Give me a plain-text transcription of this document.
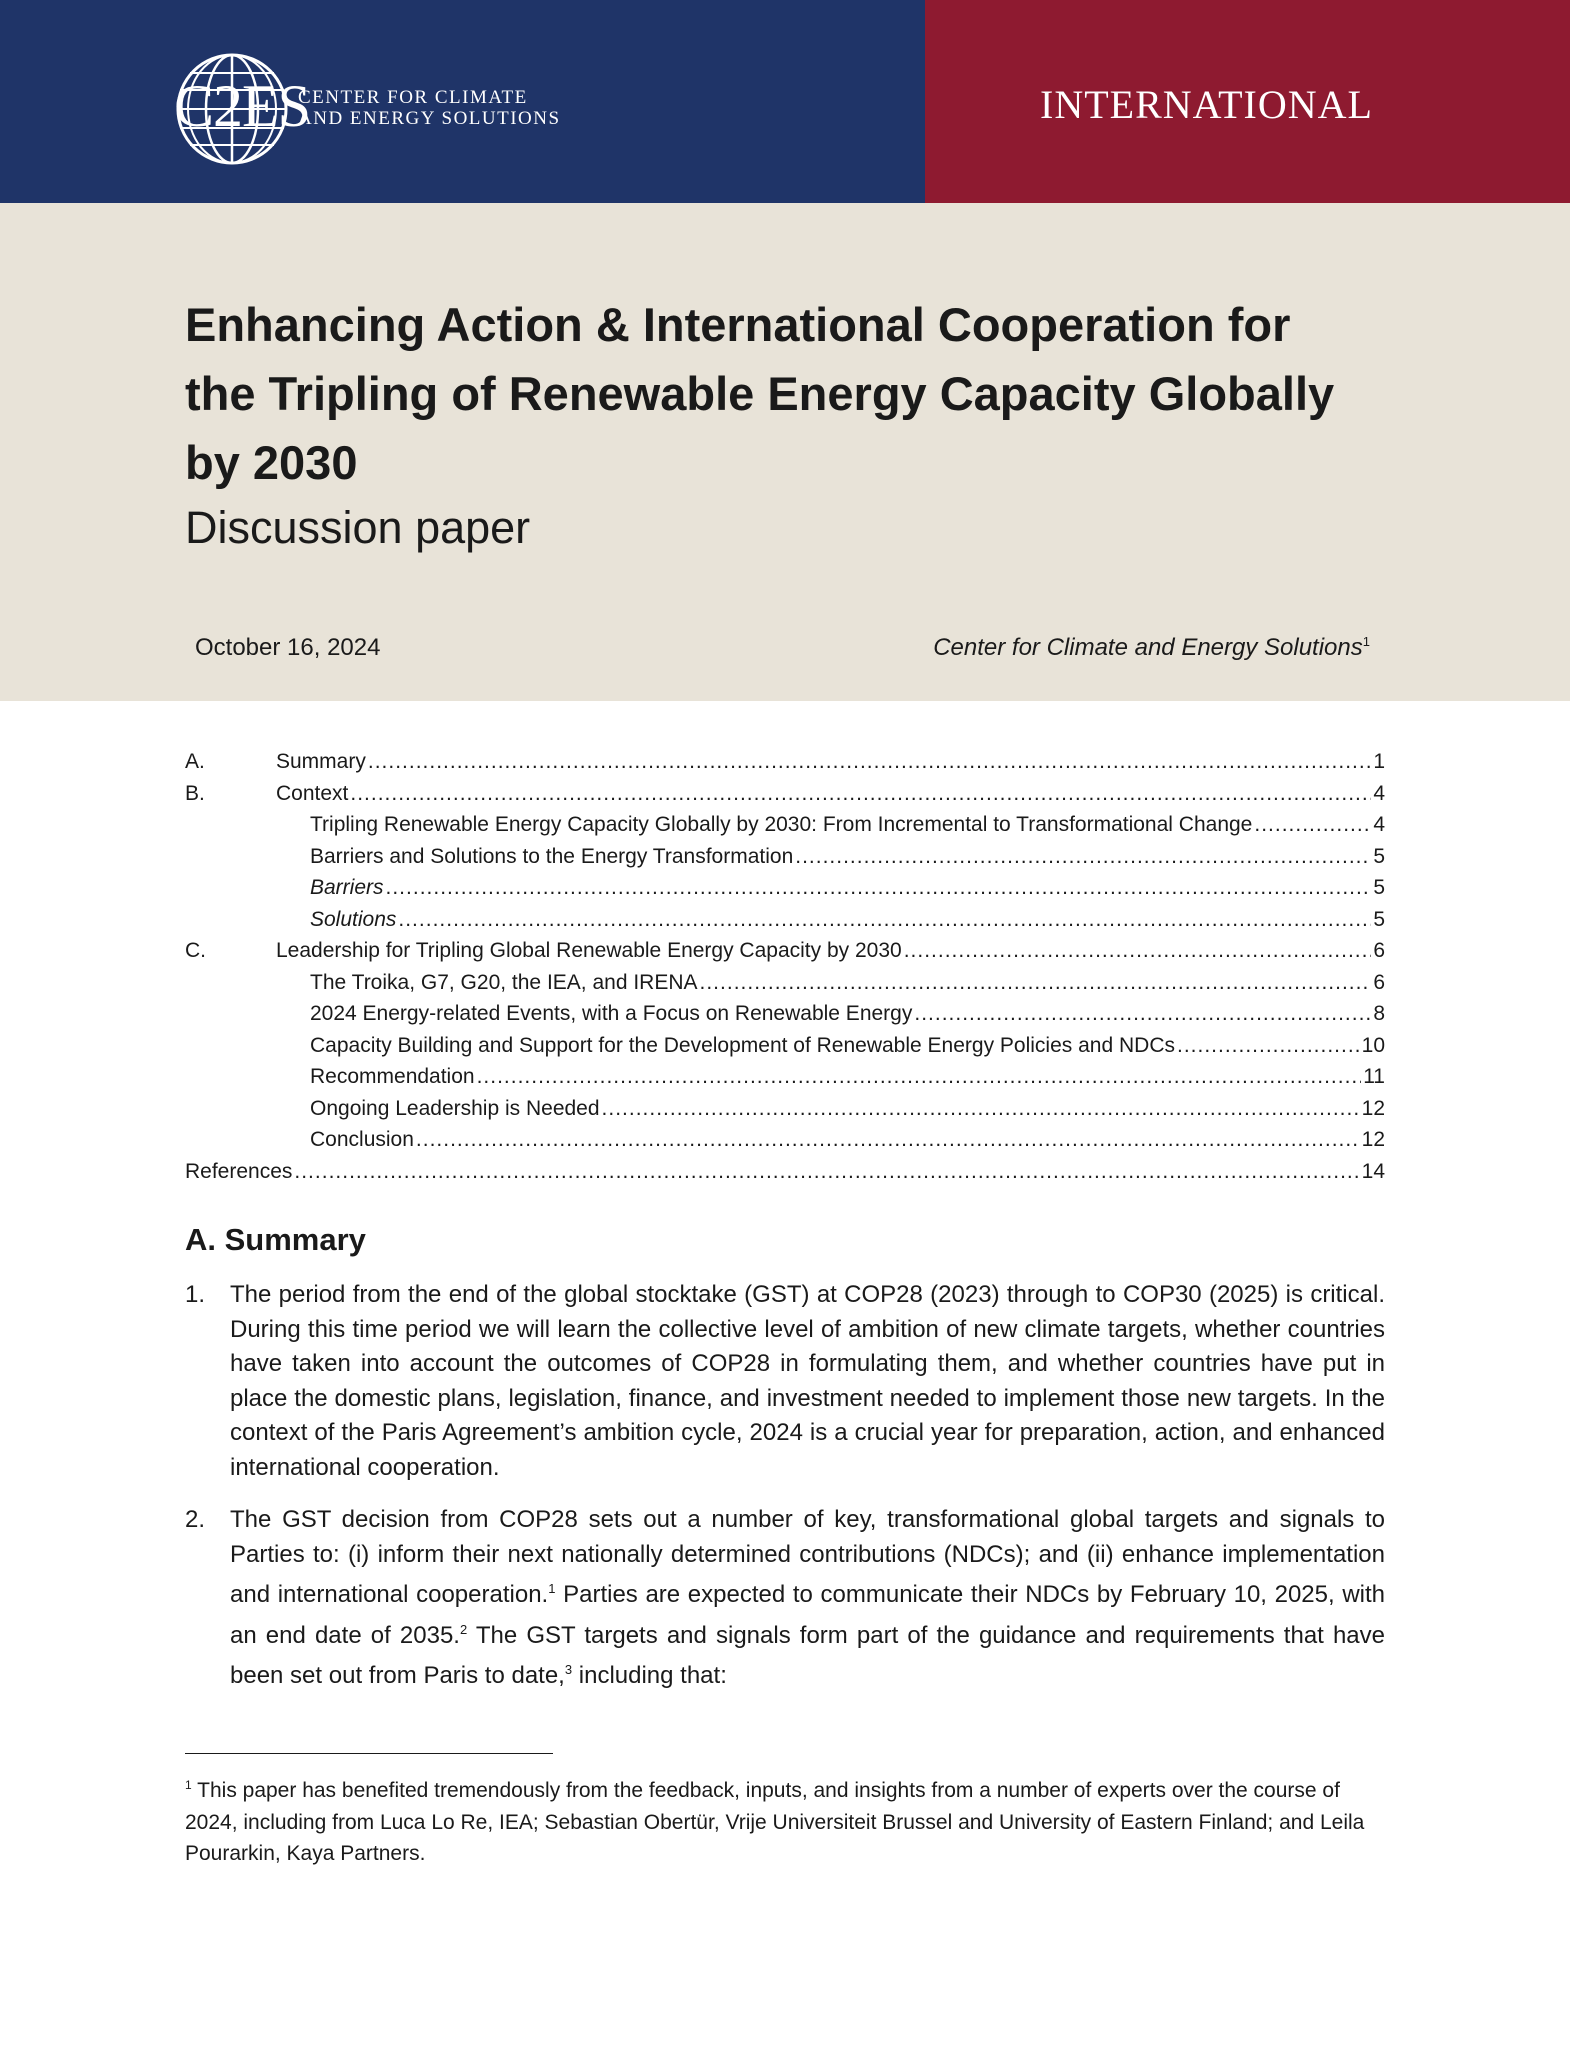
C2ES
CENTER FOR CLIMATE
AND ENERGY SOLUTIONS	INTERNATIONAL
Enhancing Action & International Cooperation for
the Tripling of Renewable Energy Capacity Globally
by 2030
Discussion paper
October 16, 2024	Center for Climate and Energy Solutions$^1$
A.	Summary .....	1
B.	Context .....	4
Tripling Renewable Energy Capacity Globally by 2030: From Incremental to Transformational Change .....	4
Barriers and Solutions to the Energy Transformation .....	5
Barriers .....	5
Solutions .....	5
C.	Leadership for Tripling Global Renewable Energy Capacity by 2030 .....	6
The Troika, G7, G20, the IEA, and IRENA .....	6
2024 Energy-related Events, with a Focus on Renewable Energy .....	8
Capacity Building and Support for the Development of Renewable Energy Policies and NDCs .....	10
Recommendation .....	11
Ongoing Leadership is Needed .....	12
Conclusion .....	12
References .....	14
A. Summary
1. The period from the end of the global stocktake (GST) at COP28 (2023) through to COP30 (2025) is critical. During this time period we will learn the collective level of ambition of new climate targets, whether countries have taken into account the outcomes of COP28 in formulating them, and whether countries have put in place the domestic plans, legislation, finance, and investment needed to implement those new targets. In the context of the Paris Agreement’s ambition cycle, 2024 is a crucial year for preparation, action, and enhanced international cooperation.
2. The GST decision from COP28 sets out a number of key, transformational global targets and signals to Parties to: (i) inform their next nationally determined contributions (NDCs); and (ii) enhance implementation and international cooperation.$^1$ Parties are expected to communicate their NDCs by February 10, 2025, with an end date of 2035.$^2$ The GST targets and signals form part of the guidance and requirements that have been set out from Paris to date,$^3$ including that:
$^1$ This paper has benefited tremendously from the feedback, inputs, and insights from a number of experts over the course of 2024, including from Luca Lo Re, IEA; Sebastian Obertür, Vrije Universiteit Brussel and University of Eastern Finland; and Leila Pourarkin, Kaya Partners.
